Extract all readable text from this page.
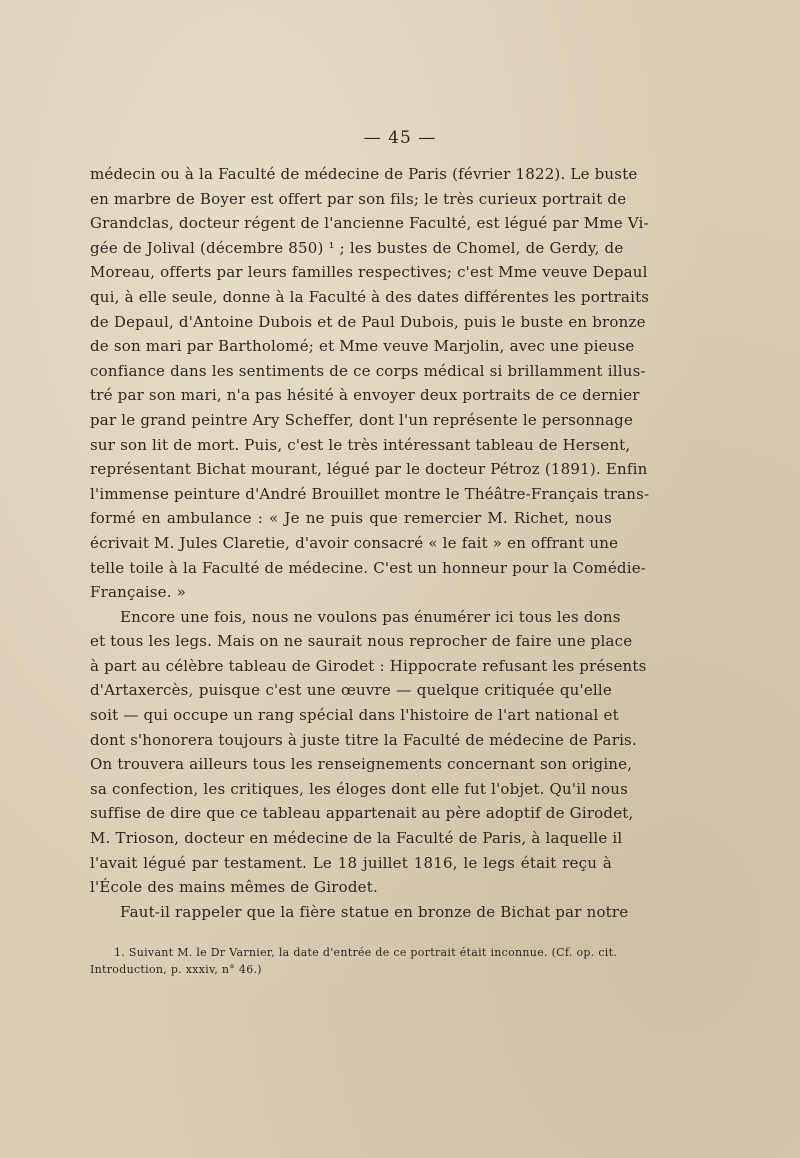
— 45 —
médecin ou à la Faculté de médecine de Paris (février 1822). Le buste
en marbre de Boyer est offert par son fils; le très curieux portrait de
Grandclas, docteur régent de l'ancienne Faculté, est légué par Mme Vi-
gée de Jolival (décembre 850) ¹ ; les bustes de Chomel, de Gerdy, de
Moreau, offerts par leurs familles respectives; c'est Mme veuve Depaul
qui, à elle seule, donne à la Faculté à des dates différentes les portraits
de Depaul, d'Antoine Dubois et de Paul Dubois, puis le buste en bronze
de son mari par Bartholomé; et Mme veuve Marjolin, avec une pieuse
confiance dans les sentiments de ce corps médical si brillamment illus-
tré par son mari, n'a pas hésité à envoyer deux portraits de ce dernier
par le grand peintre Ary Scheffer, dont l'un représente le personnage
sur son lit de mort. Puis, c'est le très intéressant tableau de Hersent,
représentant Bichat mourant, légué par le docteur Pétroz (1891). Enfin
l'immense peinture d'André Brouillet montre le Théâtre-Français trans-
formé en ambulance : « Je ne puis que remercier M. Richet, nous
écrivait M. Jules Claretie, d'avoir consacré « le fait » en offrant une
telle toile à la Faculté de médecine. C'est un honneur pour la Comédie-
Française. »
Encore une fois, nous ne voulons pas énumérer ici tous les dons
et tous les legs. Mais on ne saurait nous reprocher de faire une place
à part au célèbre tableau de Girodet : Hippocrate refusant les présents
d'Artaxercès, puisque c'est une œuvre — quelque critiquée qu'elle
soit — qui occupe un rang spécial dans l'histoire de l'art national et
dont s'honorera toujours à juste titre la Faculté de médecine de Paris.
On trouvera ailleurs tous les renseignements concernant son origine,
sa confection, les critiques, les éloges dont elle fut l'objet. Qu'il nous
suffise de dire que ce tableau appartenait au père adoptif de Girodet,
M. Trioson, docteur en médecine de la Faculté de Paris, à laquelle il
l'avait légué par testament. Le 18 juillet 1816, le legs était reçu à
l'École des mains mêmes de Girodet.
Faut-il rappeler que la fière statue en bronze de Bichat par notre
1. Suivant M. le Dr Varnier, la date d'entrée de ce portrait était inconnue. (Cf. op. cit.
Introduction, p. xxxiv, n° 46.)
